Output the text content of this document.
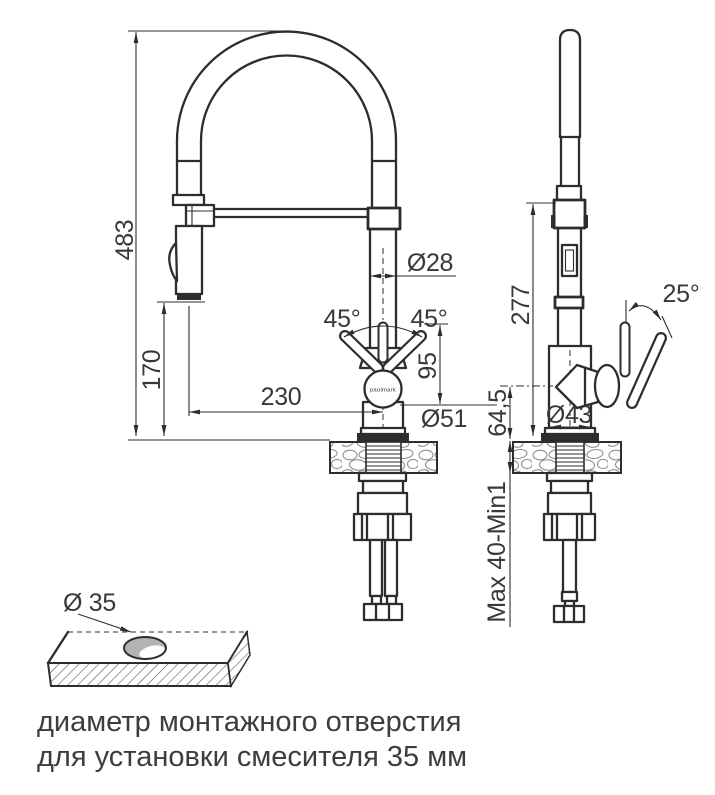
paulmark
483
170
230
Ø28
45° 45°
95
Ø51
277	25°
Ø43
64,5
Max 40-Min1
Ø 35
диаметр монтажного отверстия
для установки смесителя 35 мм
